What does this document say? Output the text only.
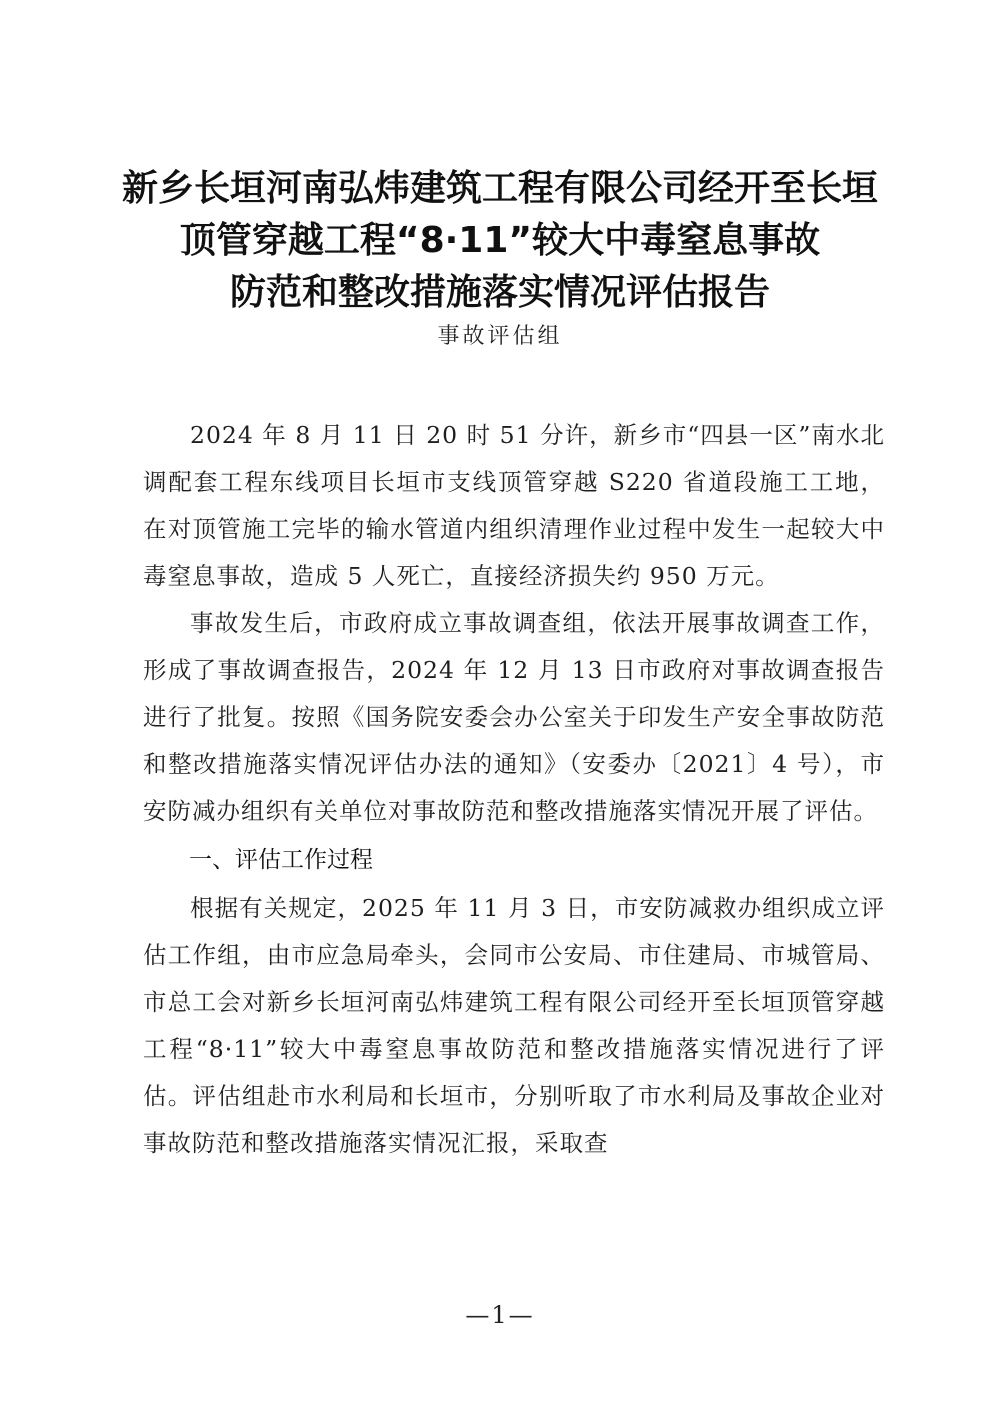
新乡长垣河南弘炜建筑工程有限公司经开至长垣
顶管穿越工程“8·11”较大中毒窒息事故
防范和整改措施落实情况评估报告
事故评估组

2024 年 8 月 11 日 20 时 51 分许，新乡市“四县一区”南水北调配套工程东线项目长垣市支线顶管穿越 S220 省道段施工工地，在对顶管施工完毕的输水管道内组织清理作业过程中发生一起较大中毒窒息事故，造成 5 人死亡，直接经济损失约 950 万元。

事故发生后，市政府成立事故调查组，依法开展事故调查工作，形成了事故调查报告，2024 年 12 月 13 日市政府对事故调查报告进行了批复。按照《国务院安委会办公室关于印发生产安全事故防范和整改措施落实情况评估办法的通知》（安委办〔2021〕4 号），市安防减办组织有关单位对事故防范和整改措施落实情况开展了评估。

一、评估工作过程

根据有关规定，2025 年 11 月 3 日，市安防减救办组织成立评估工作组，由市应急局牵头，会同市公安局、市住建局、市城管局、市总工会对新乡长垣河南弘炜建筑工程有限公司经开至长垣顶管穿越工程“8·11”较大中毒窒息事故防范和整改措施落实情况进行了评估。评估组赴市水利局和长垣市，分别听取了市水利局及事故企业对事故防范和整改措施落实情况汇报，采取查

—1—
